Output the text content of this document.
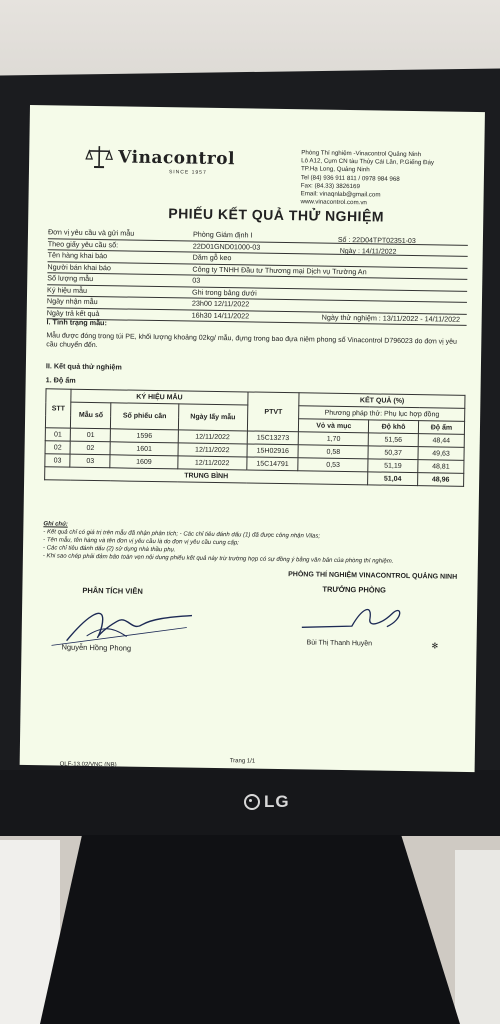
LG
Vinacontrol
SINCE 1957
Phòng Thí nghiệm -Vinacontrol Quảng Ninh
Lô A12, Cụm CN tàu Thủy Cái Lân, P.Giếng Đáy
TP.Hạ Long, Quảng Ninh
Tel (84) 936 911 811 / 0978 984 968
Fax: (84.33) 3826169
Email: vinaqnlab@gmail.com
www.vinacontrol.com.vn
PHIẾU KẾT QUẢ THỬ NGHIỆM
Số : 22D04TPT02351-03
Ngày : 14/11/2022
Đơn vị yêu cầu và gửi mẫu	Phòng Giám định I
Theo giấy yêu cầu số:	22D01GND01000-03
Tên hàng khai báo	Dăm gỗ keo
Người bán khai báo	Công ty TNHH Đầu tư Thương mại Dịch vụ Trường An
Số lượng mẫu	03
Ký hiệu mẫu	Ghi trong bảng dưới
Ngày nhận mẫu	23h00 12/11/2022
Ngày trả kết quả	16h30 14/11/2022	Ngày thử nghiệm : 13/11/2022 - 14/11/2022
I. Tình trạng mẫu:
Mẫu được đóng trong túi PE, khối lượng khoảng 02kg/ mẫu, đựng trong bao đựa niêm phong số Vinacontrol D796023 do đơn vị yêu cầu chuyển đến.
II. Kết quả thử nghiệm
1. Độ ẩm
STT	KÝ HIỆU MẪU			PTVT	KẾT QUẢ (%)		
	Mẫu số	Số phiếu cân	Ngày lấy mẫu		Phương pháp thử: Phụ lục hợp đồng		
					Vỏ và mục	Độ khô	Độ ẩm
01	01	1596	12/11/2022	15C13273	1,70	51,56	48,44
02	02	1601	12/11/2022	15H02916	0,58	50,37	49,63
03	03	1609	12/11/2022	15C14791	0,53	51,19	48,81
TRUNG BÌNH						51,04	48,96
Ghi chú:
- Kết quả chỉ có giá trị trên mẫu đã nhận phân tích; - Các chỉ tiêu đánh dấu (1) đã được công nhận Vilas;
- Tên mẫu, tên hàng và tên đơn vị yêu cầu là do đơn vị yêu cầu cung cấp;
- Các chỉ tiêu đánh dấu (2) sử dụng nhà thầu phụ.
- Khi sao chép phải đảm bảo toàn vẹn nội dung phiếu kết quả này trừ trường hợp có sự đồng ý bằng văn bản của phòng thí nghiệm.
PHÒNG THÍ NGHIỆM VINACONTROL QUẢNG NINH
PHÂN TÍCH VIÊN	TRƯỞNG PHÒNG
Nguyễn Hồng Phong	Bùi Thị Thanh Huyền	✻
QLF-13.02/VNC (NB)
Trang 1/1
